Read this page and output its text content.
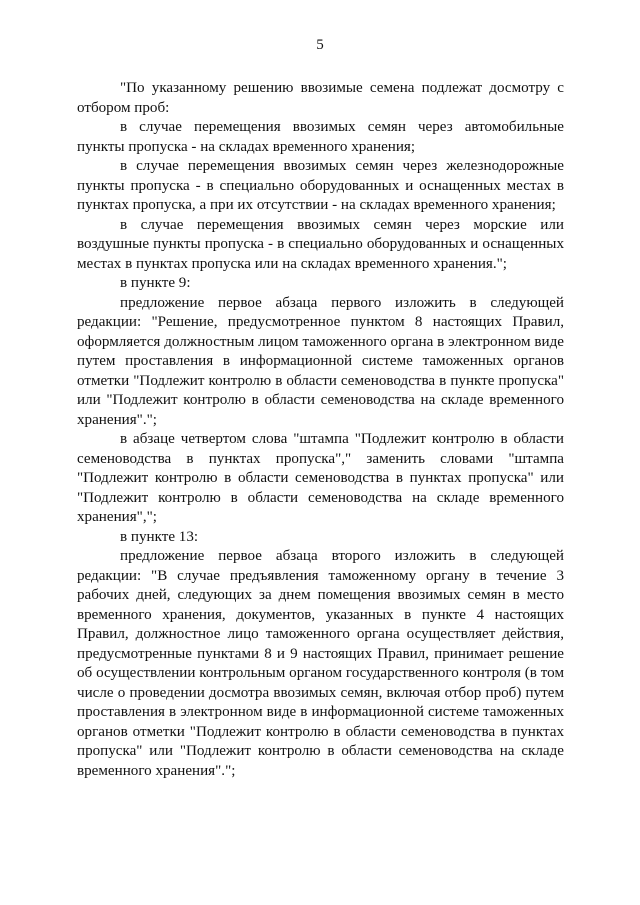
5

"По указанному решению ввозимые семена подлежат досмотру с отбором проб:

в случае перемещения ввозимых семян через автомобильные пункты пропуска - на складах временного хранения;

в случае перемещения ввозимых семян через железнодорожные пункты пропуска - в специально оборудованных и оснащенных местах в пунктах пропуска, а при их отсутствии - на складах временного хранения;

в случае перемещения ввозимых семян через морские или воздушные пункты пропуска - в специально оборудованных и оснащенных местах в пунктах пропуска или на складах временного хранения.";

в пункте 9:

предложение первое абзаца первого изложить в следующей редакции: "Решение, предусмотренное пунктом 8 настоящих Правил, оформляется должностным лицом таможенного органа в электронном виде путем проставления в информационной системе таможенных органов отметки "Подлежит контролю в области семеноводства в пункте пропуска" или "Подлежит контролю в области семеноводства на складе временного хранения".";

в абзаце четвертом слова "штампа "Подлежит контролю в области семеноводства в пунктах пропуска"," заменить словами "штампа "Подлежит контролю в области семеноводства в пунктах пропуска" или "Подлежит контролю в области семеноводства на складе временного хранения",";

в пункте 13:

предложение первое абзаца второго изложить в следующей редакции: "В случае предъявления таможенному органу в течение 3 рабочих дней, следующих за днем помещения ввозимых семян в место временного хранения, документов, указанных в пункте 4 настоящих Правил, должностное лицо таможенного органа осуществляет действия, предусмотренные пунктами 8 и 9 настоящих Правил, принимает решение об осуществлении контрольным органом государственного контроля (в том числе о проведении досмотра ввозимых семян, включая отбор проб) путем проставления в электронном виде в информационной системе таможенных органов отметки "Подлежит контролю в области семеноводства в пунктах пропуска" или "Подлежит контролю в области семеноводства на складе временного хранения".";
